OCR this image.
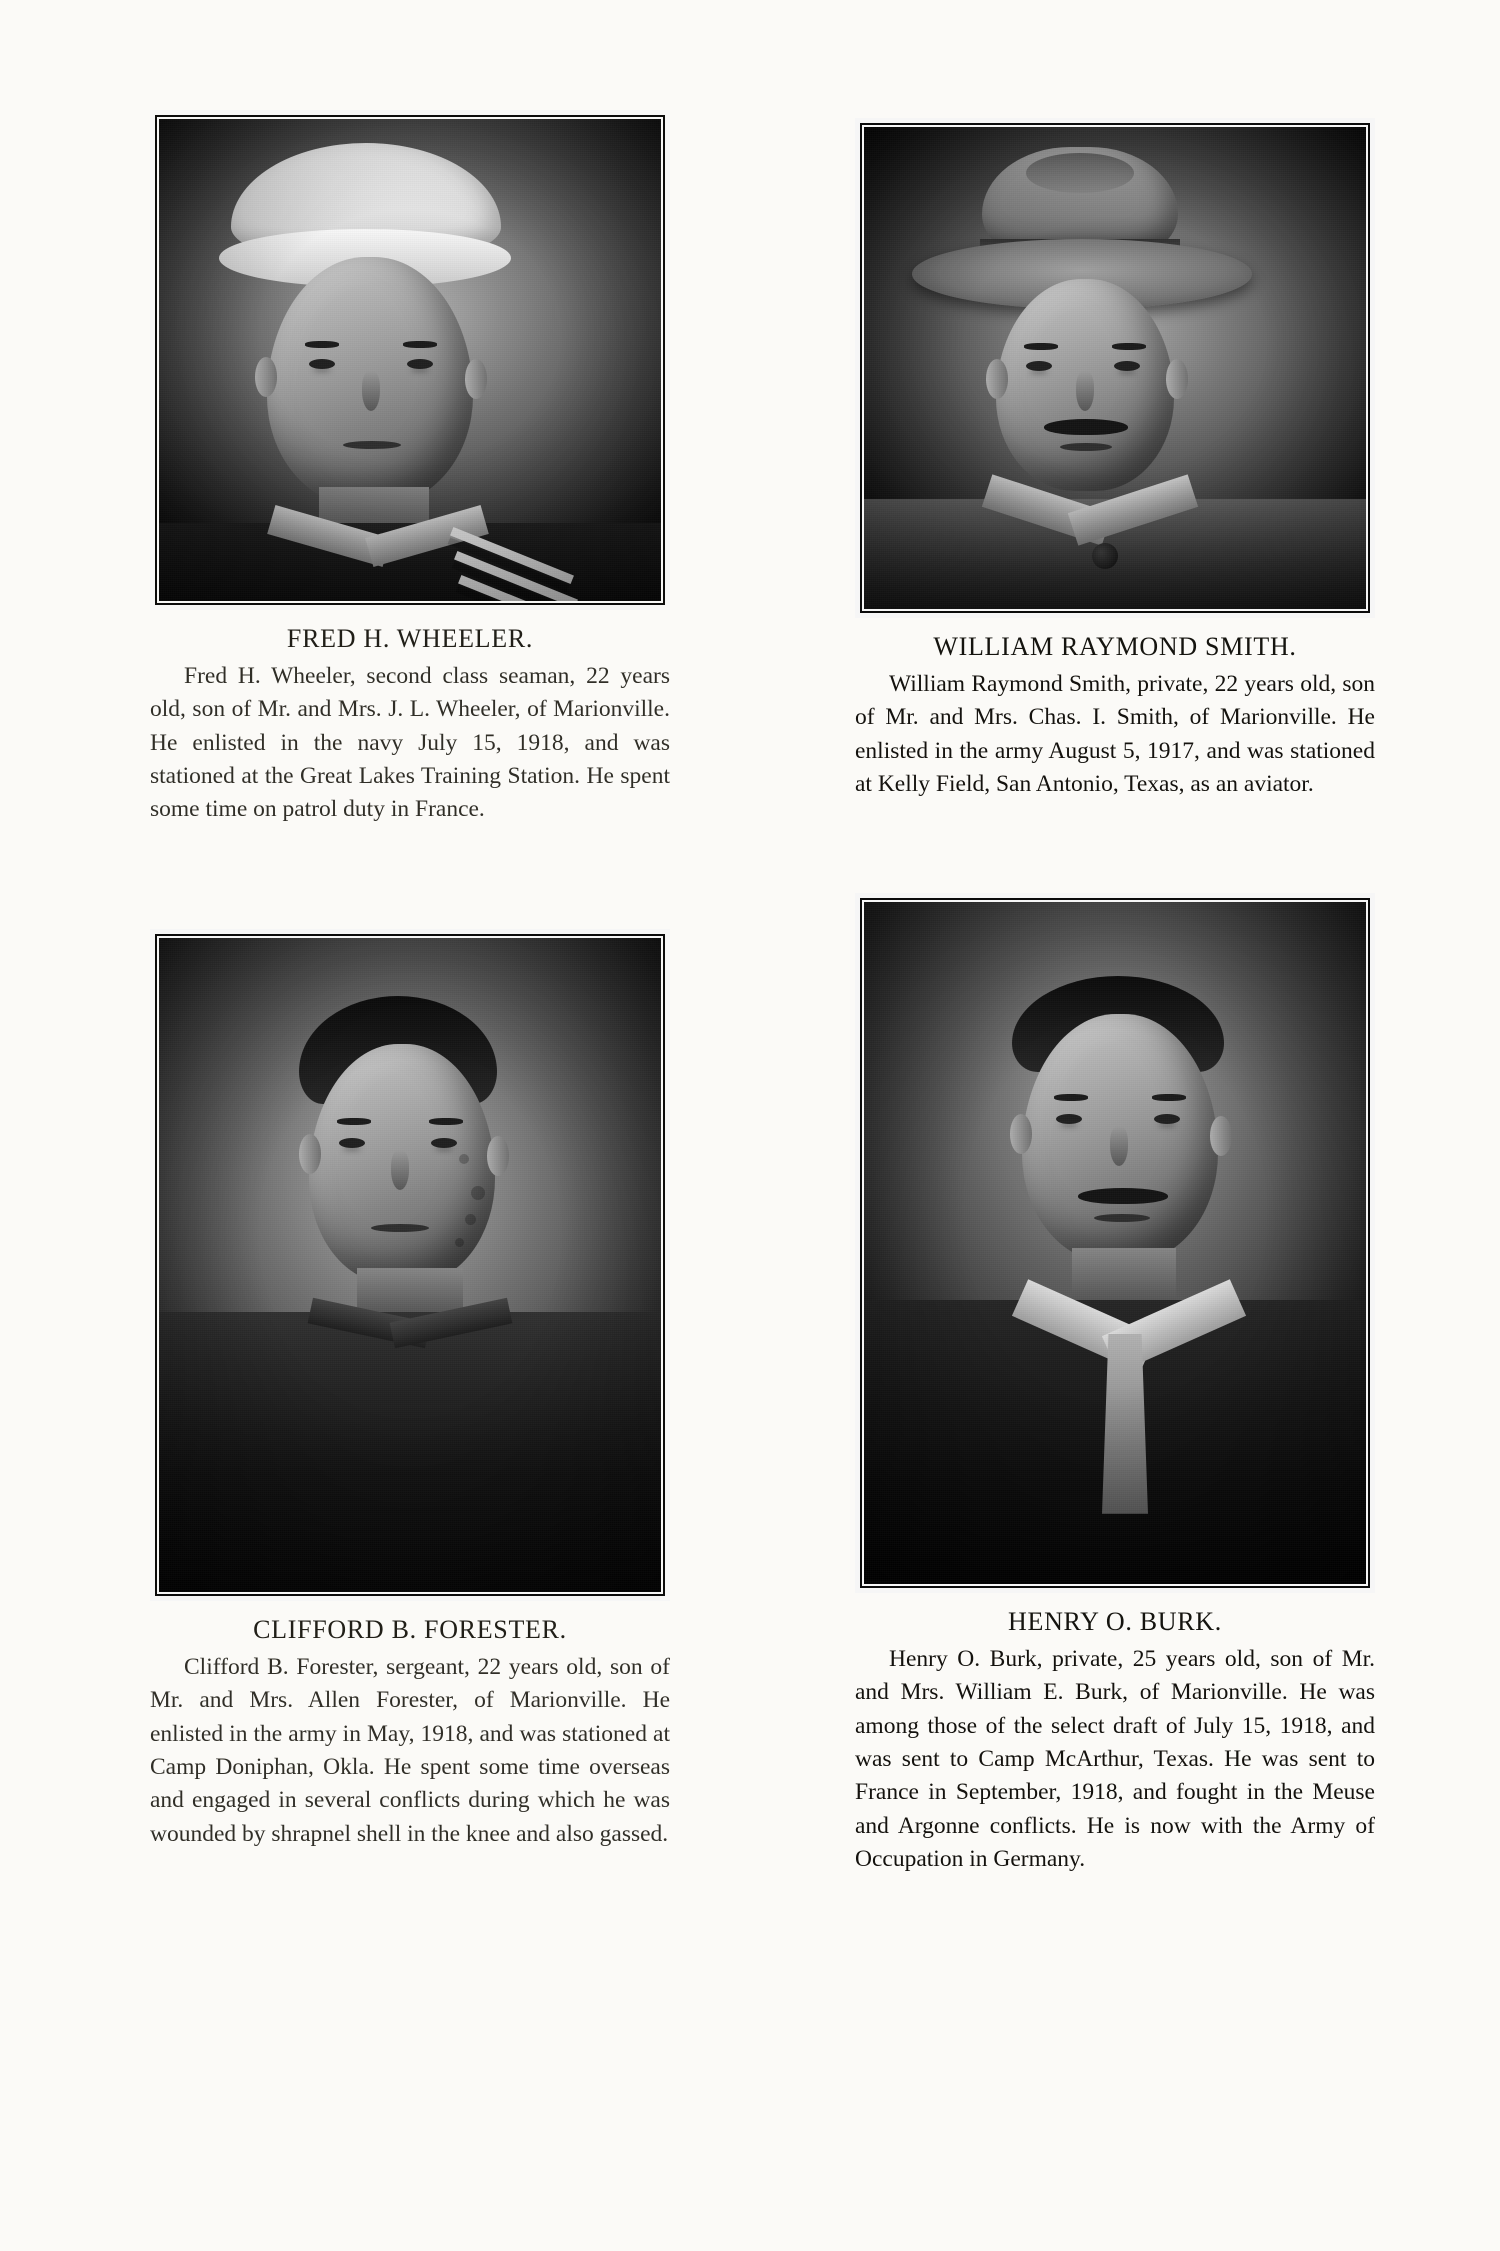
FRED H. WHEELER.
Fred H. Wheeler, second class seaman, 22 years old, son of Mr. and Mrs. J. L. Wheeler, of Marionville. He enlisted in the navy July 15, 1918, and was stationed at the Great Lakes Training Station. He spent some time on patrol duty in France.
WILLIAM RAYMOND SMITH.
William Raymond Smith, private, 22 years old, son of Mr. and Mrs. Chas. I. Smith, of Marionville. He enlisted in the army August 5, 1917, and was stationed at Kelly Field, San Antonio, Texas, as an aviator.
CLIFFORD B. FORESTER.
Clifford B. Forester, sergeant, 22 years old, son of Mr. and Mrs. Allen Forester, of Marionville. He enlisted in the army in May, 1918, and was stationed at Camp Doniphan, Okla. He spent some time overseas and engaged in several conflicts during which he was wounded by shrapnel shell in the knee and also gassed.
HENRY O. BURK.
Henry O. Burk, private, 25 years old, son of Mr. and Mrs. William E. Burk, of Marionville. He was among those of the select draft of July 15, 1918, and was sent to Camp McArthur, Texas. He was sent to France in September, 1918, and fought in the Meuse and Argonne conflicts. He is now with the Army of Occupation in Germany.
